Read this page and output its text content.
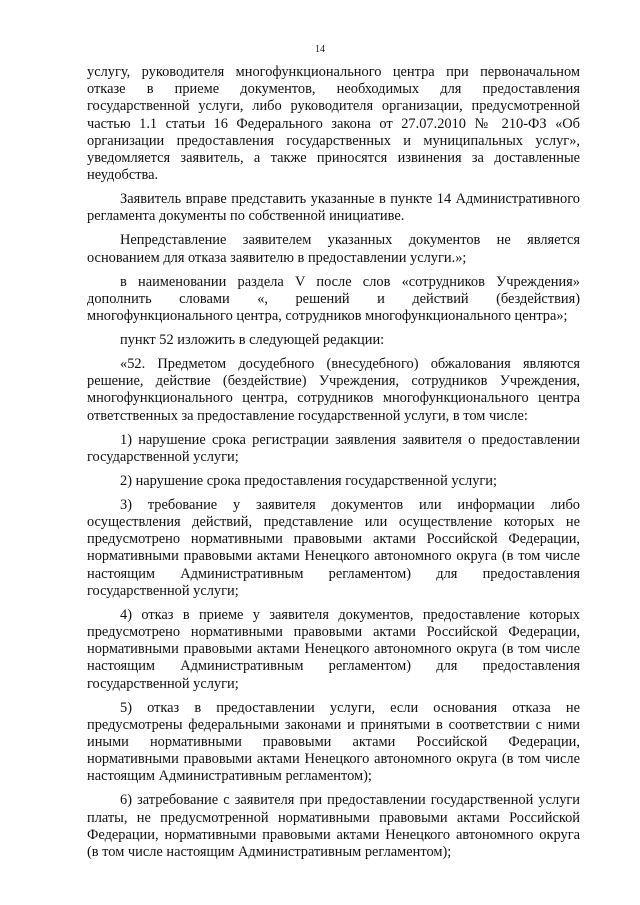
14

услугу, руководителя многофункционального центра при первоначальном отказе в приеме документов, необходимых для предоставления государственной услуги, либо руководителя организации, предусмотренной частью 1.1 статьи 16 Федерального закона от 27.07.2010 № 210-ФЗ «Об организации предоставления государственных и муниципальных услуг», уведомляется заявитель, а также приносятся извинения за доставленные неудобства.

Заявитель вправе представить указанные в пункте 14 Административного регламента документы по собственной инициативе.

Непредставление заявителем указанных документов не является основанием для отказа заявителю в предоставлении услуги.»;

в наименовании раздела V после слов «сотрудников Учреждения» дополнить словами «, решений и действий (бездействия) многофункционального центра, сотрудников многофункционального центра»;

пункт 52 изложить в следующей редакции:

«52. Предметом досудебного (внесудебного) обжалования являются решение, действие (бездействие) Учреждения, сотрудников Учреждения, многофункционального центра, сотрудников многофункционального центра ответственных за предоставление государственной услуги, в том числе:

1) нарушение срока регистрации заявления заявителя о предоставлении государственной услуги;

2) нарушение срока предоставления государственной услуги;

3) требование у заявителя документов или информации либо осуществления действий, представление или осуществление которых не предусмотрено нормативными правовыми актами Российской Федерации, нормативными правовыми актами Ненецкого автономного округа (в том числе настоящим Административным регламентом) для предоставления государственной услуги;

4) отказ в приеме у заявителя документов, предоставление которых предусмотрено нормативными правовыми актами Российской Федерации, нормативными правовыми актами Ненецкого автономного округа (в том числе настоящим Административным регламентом) для предоставления государственной услуги;

5) отказ в предоставлении услуги, если основания отказа не предусмотрены федеральными законами и принятыми в соответствии с ними иными нормативными правовыми актами Российской Федерации, нормативными правовыми актами Ненецкого автономного округа (в том числе настоящим Административным регламентом);

6) затребование с заявителя при предоставлении государственной услуги платы, не предусмотренной нормативными правовыми актами Российской Федерации, нормативными правовыми актами Ненецкого автономного округа (в том числе настоящим Административным регламентом);
